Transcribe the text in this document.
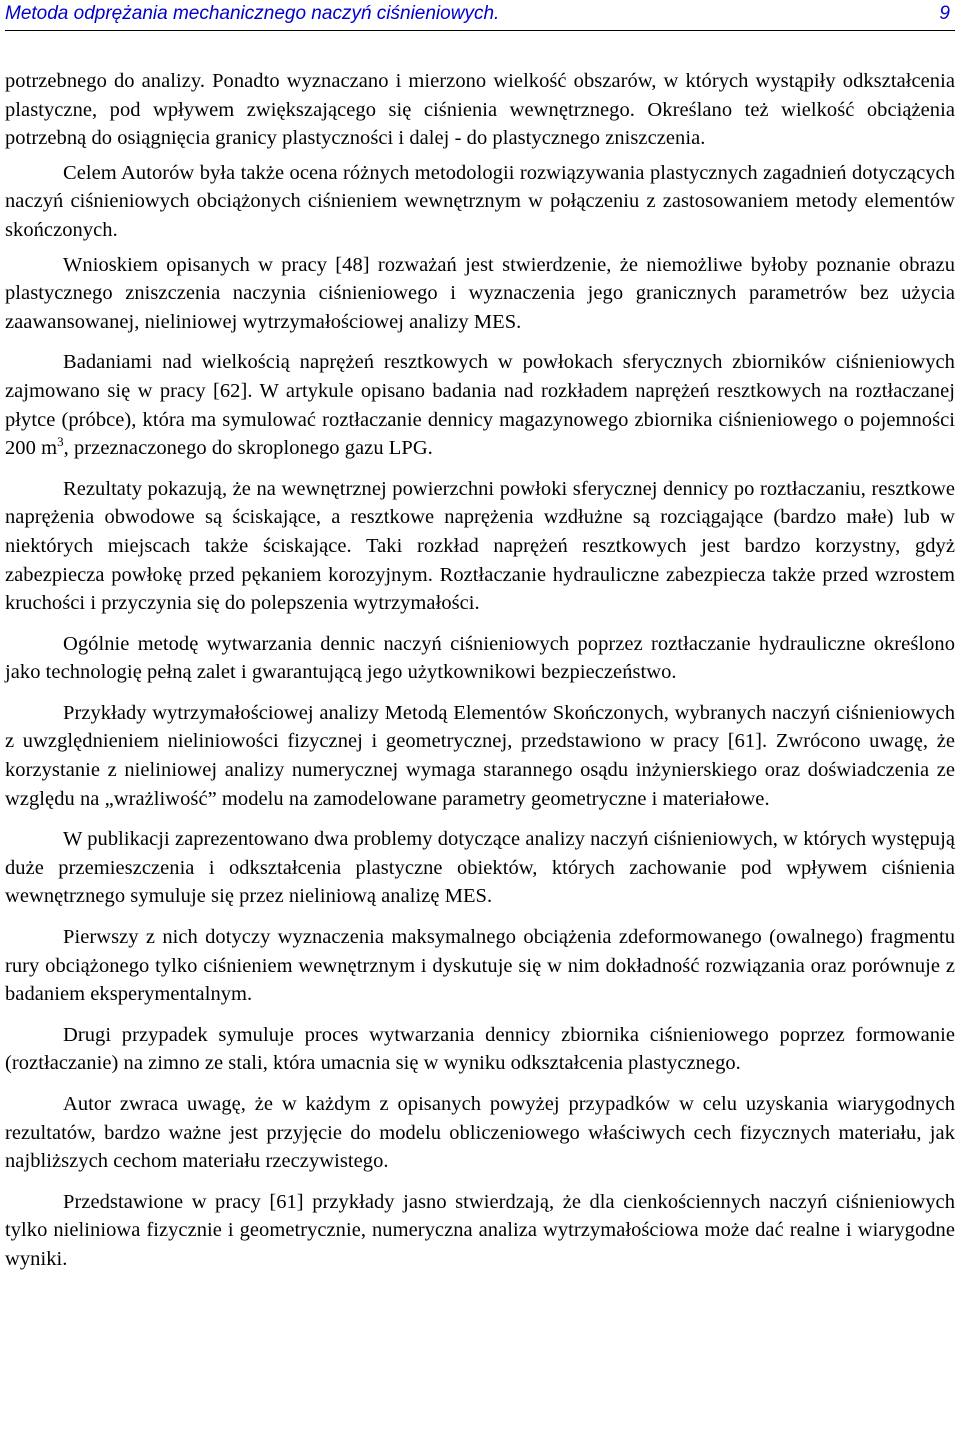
Metoda odprężania mechanicznego naczyń ciśnieniowych.	9

potrzebnego do analizy. Ponadto wyznaczano i mierzono wielkość obszarów, w których wystąpiły odkształcenia plastyczne, pod wpływem zwiększającego się ciśnienia wewnętrznego. Określano też wielkość obciążenia potrzebną do osiągnięcia granicy plastyczności i dalej - do plastycznego zniszczenia.

Celem Autorów była także ocena różnych metodologii rozwiązywania plastycznych zagadnień dotyczących naczyń ciśnieniowych obciążonych ciśnieniem wewnętrznym w połączeniu z zastosowaniem metody elementów skończonych.

Wnioskiem opisanych w pracy [48] rozważań jest stwierdzenie, że niemożliwe byłoby poznanie obrazu plastycznego zniszczenia naczynia ciśnieniowego i wyznaczenia jego granicznych parametrów bez użycia zaawansowanej, nieliniowej wytrzymałościowej analizy MES.

Badaniami nad wielkością naprężeń resztkowych w powłokach sferycznych zbiorników ciśnieniowych zajmowano się w pracy [62]. W artykule opisano badania nad rozkładem naprężeń resztkowych na roztłaczanej płytce (próbce), która ma symulować roztłaczanie dennicy magazynowego zbiornika ciśnieniowego o pojemności 200 $m^3$, przeznaczonego do skroplonego gazu LPG.

Rezultaty pokazują, że na wewnętrznej powierzchni powłoki sferycznej dennicy po roztłaczaniu, resztkowe naprężenia obwodowe są ściskające, a resztkowe naprężenia wzdłużne są rozciągające (bardzo małe) lub w niektórych miejscach także ściskające. Taki rozkład naprężeń resztkowych jest bardzo korzystny, gdyż zabezpiecza powłokę przed pękaniem korozyjnym. Roztłaczanie hydrauliczne zabezpiecza także przed wzrostem kruchości i przyczynia się do polepszenia wytrzymałości.

Ogólnie metodę wytwarzania dennic naczyń ciśnieniowych poprzez roztłaczanie hydrauliczne określono jako technologię pełną zalet i gwarantującą jego użytkownikowi bezpieczeństwo.

Przykłady wytrzymałościowej analizy Metodą Elementów Skończonych, wybranych naczyń ciśnieniowych z uwzględnieniem nieliniowości fizycznej i geometrycznej, przedstawiono w pracy [61]. Zwrócono uwagę, że korzystanie z nieliniowej analizy numerycznej wymaga starannego osądu inżynierskiego oraz doświadczenia ze względu na „wrażliwość” modelu na zamodelowane parametry geometryczne i materiałowe.

W publikacji zaprezentowano dwa problemy dotyczące analizy naczyń ciśnieniowych, w których występują duże przemieszczenia i odkształcenia plastyczne obiektów, których zachowanie pod wpływem ciśnienia wewnętrznego symuluje się przez nieliniową analizę MES.

Pierwszy z nich dotyczy wyznaczenia maksymalnego obciążenia zdeformowanego (owalnego) fragmentu rury obciążonego tylko ciśnieniem wewnętrznym i dyskutuje się w nim dokładność rozwiązania oraz porównuje z badaniem eksperymentalnym.

Drugi przypadek symuluje proces wytwarzania dennicy zbiornika ciśnieniowego poprzez formowanie (roztłaczanie) na zimno ze stali, która umacnia się w wyniku odkształcenia plastycznego.

Autor zwraca uwagę, że w każdym z opisanych powyżej przypadków w celu uzyskania wiarygodnych rezultatów, bardzo ważne jest przyjęcie do modelu obliczeniowego właściwych cech fizycznych materiału, jak najbliższych cechom materiału rzeczywistego.

Przedstawione w pracy [61] przykłady jasno stwierdzają, że dla cienkościennych naczyń ciśnieniowych tylko nieliniowa fizycznie i geometrycznie, numeryczna analiza wytrzymałościowa może dać realne i wiarygodne wyniki.
